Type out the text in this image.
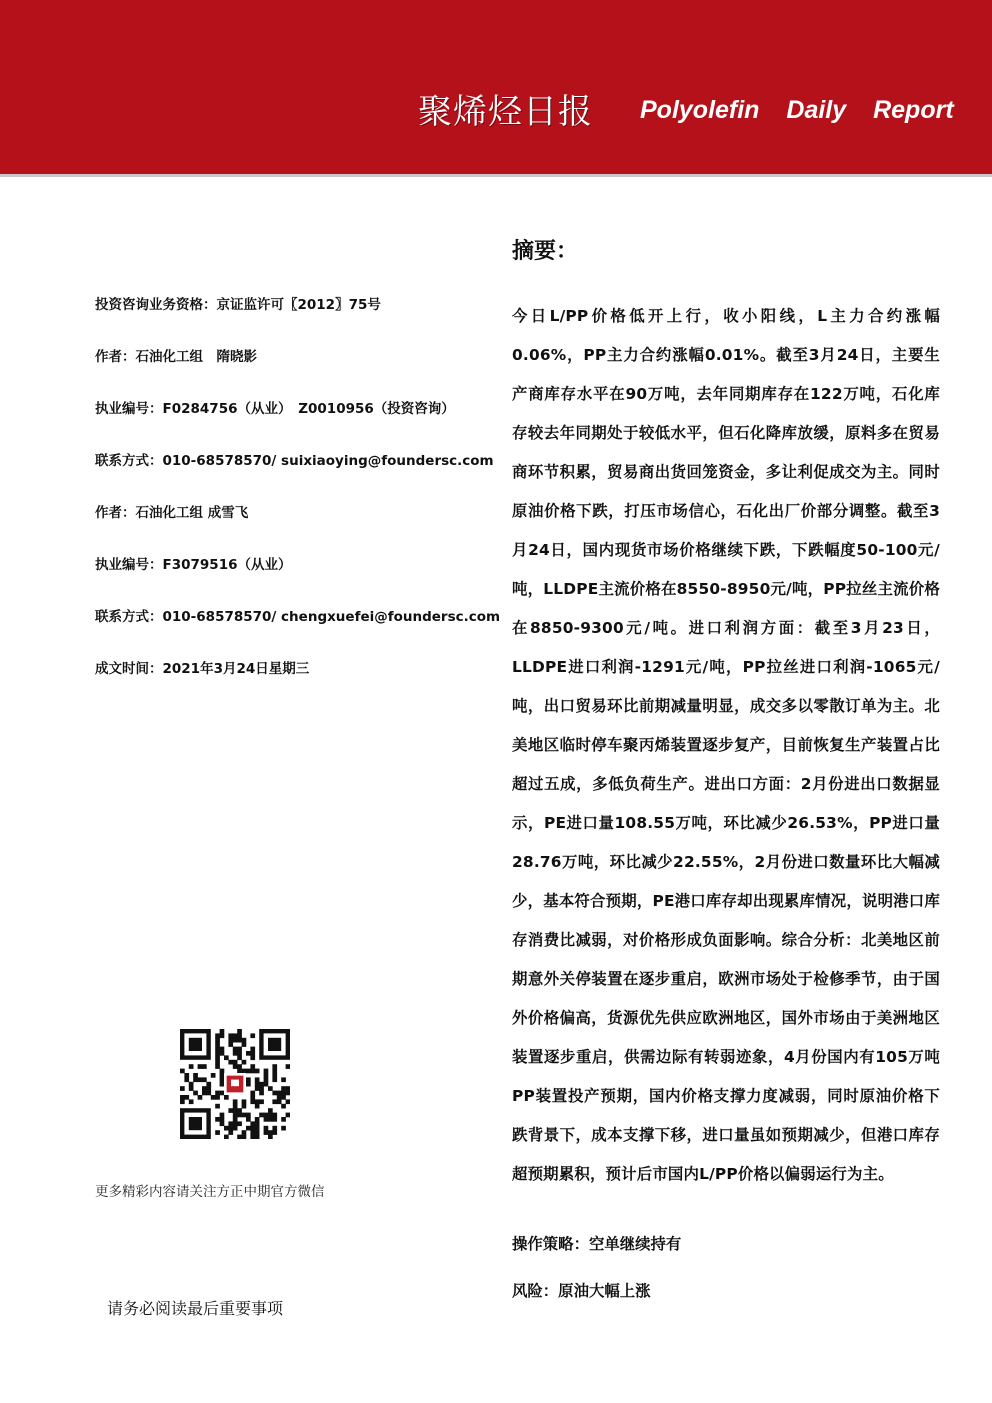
聚烯烃日报 Polyolefin Daily Report
投资咨询业务资格：京证监许可〖2012〗75号
作者：石油化工组　隋晓影
执业编号：F0284756（从业）　Z0010956（投资咨询）
联系方式：010-68578570/ suixiaoying@foundersc.com
作者：石油化工组 成雪飞
执业编号：F3079516（从业）
联系方式：010-68578570/ chengxuefei@foundersc.com
成文时间：2021年3月24日星期三
更多精彩内容请关注方正中期官方微信
请务必阅读最后重要事项
摘要：
今日L/PP价格低开上行，收小阳线，L主力合约涨幅0.06%，PP主力合约涨幅0.01%。截至3月24日，主要生产商库存水平在90万吨，去年同期库存在122万吨，石化库存较去年同期处于较低水平，但石化降库放缓，原料多在贸易商环节积累，贸易商出货回笼资金，多让利促成交为主。同时原油价格下跌，打压市场信心，石化出厂价部分调整。截至3月24日，国内现货市场价格继续下跌，下跌幅度50-100元/吨，LLDPE主流价格在8550-8950元/吨，PP拉丝主流价格在8850-9300元/吨。进口利润方面：截至3月23日，LLDPE进口利润-1291元/吨，PP拉丝进口利润-1065元/吨，出口贸易环比前期减量明显，成交多以零散订单为主。北美地区临时停车聚丙烯装置逐步复产，目前恢复生产装置占比超过五成，多低负荷生产。进出口方面：2月份进出口数据显示，PE进口量108.55万吨，环比减少26.53%，PP进口量28.76万吨，环比减少22.55%，2月份进口数量环比大幅减少，基本符合预期，PE港口库存却出现累库情况，说明港口库存消费比减弱，对价格形成负面影响。综合分析：北美地区前期意外关停装置在逐步重启，欧洲市场处于检修季节，由于国外价格偏高，货源优先供应欧洲地区，国外市场由于美洲地区装置逐步重启，供需边际有转弱迹象，4月份国内有105万吨PP装置投产预期，国内价格支撑力度减弱，同时原油价格下跌背景下，成本支撑下移，进口量虽如预期减少，但港口库存超预期累积，预计后市国内L/PP价格以偏弱运行为主。
操作策略：空单继续持有
风险：原油大幅上涨
